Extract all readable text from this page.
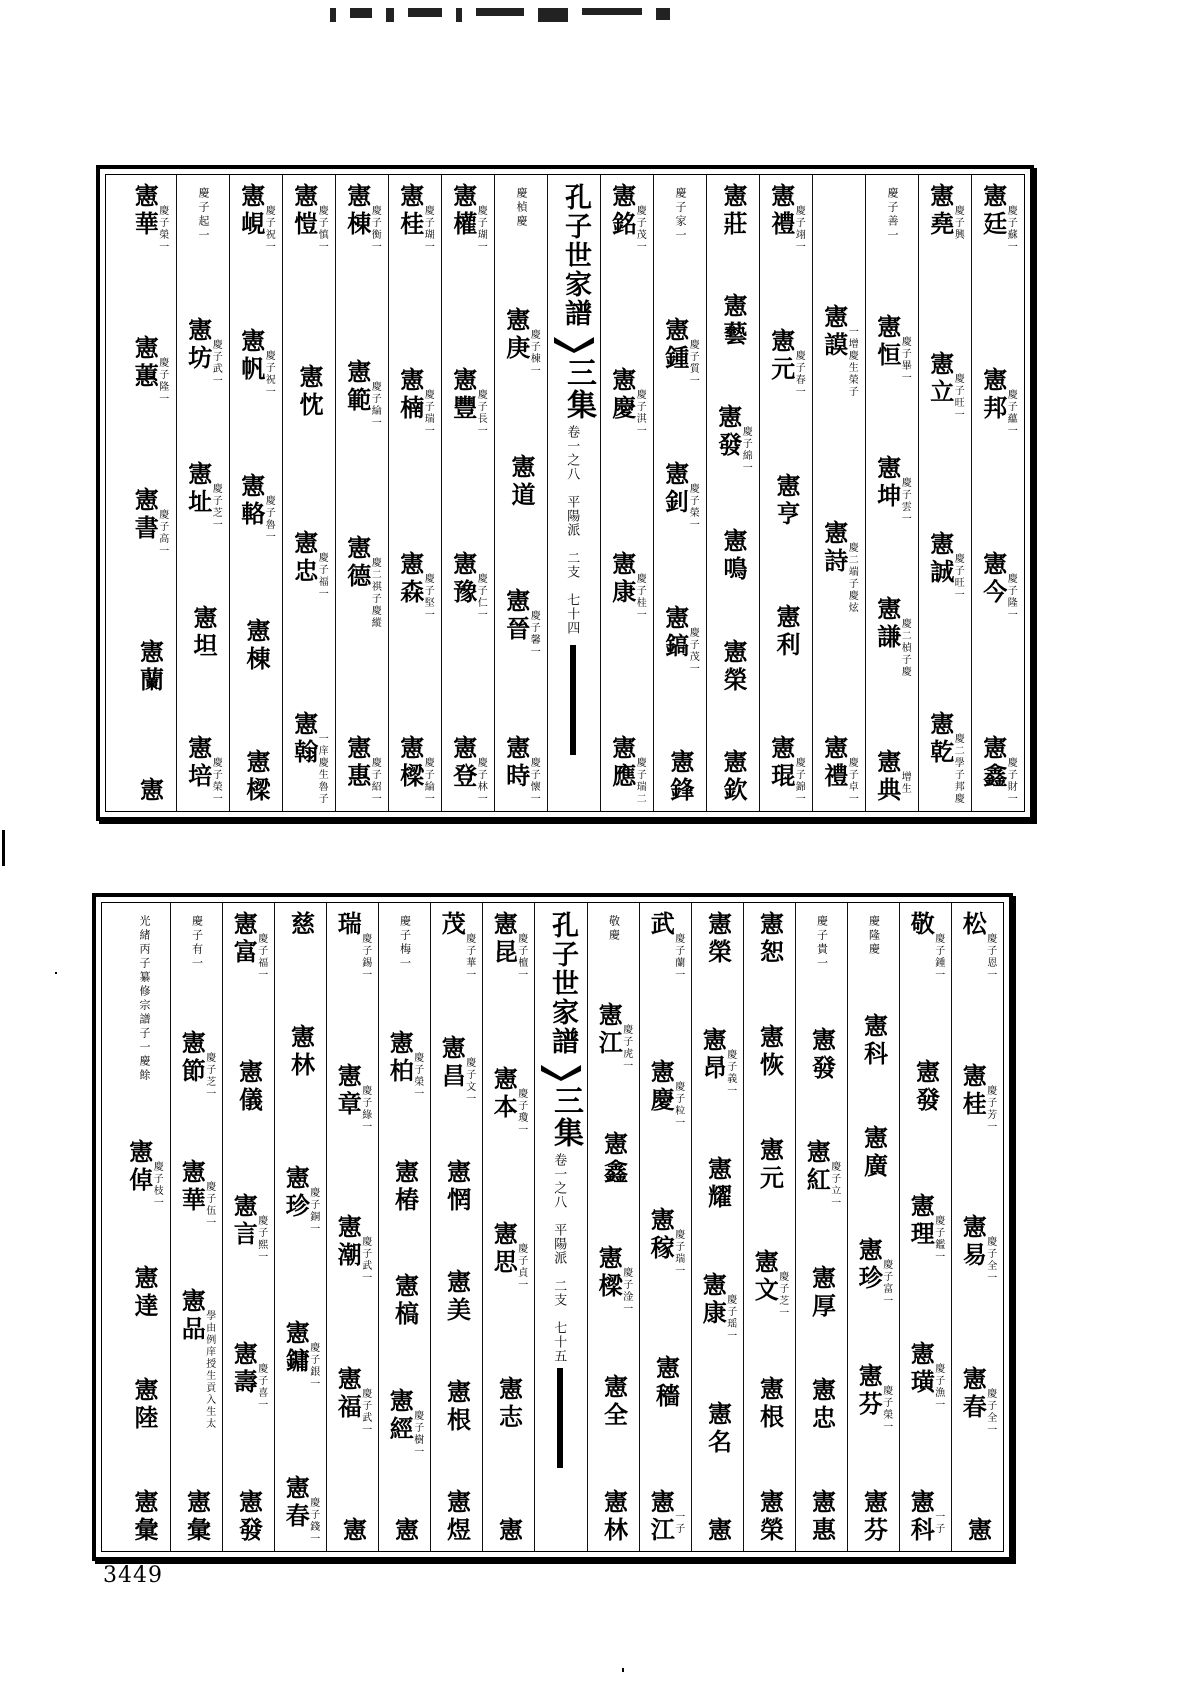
憲廷
慶子蘇一
憲邦
慶子蘊一
憲今
慶子隆一
憲鑫
慶子財一
憲堯
慶子興
憲立
慶子旺一
憲誠
慶子旺一
憲乾
慶二學子邦慶
慶子善一
憲恒
慶子畢一
憲坤
慶子雲一
憲謙
慶二楨子慶
憲典
增生
憲謨
一增慶生榮子
憲詩
慶二端子慶炫
憲禮
慶子卓一
憲禮
慶子翊一
憲元
慶子春一
憲亨
憲利
憲琨
慶子錦一
憲莊
憲藝
憲發
慶子綿一
憲鳴
憲榮
憲欽
慶子家一
憲鍾
慶子質一
憲釗
慶子榮一
憲鎬
慶子茂一
憲鋒
憲銘
慶子茂一
憲慶
慶子淇一
憲康
慶子桂一
憲應
慶子瑞二
孔子世家譜
三集
卷一之八平陽派二支七十四
慶楨慶
憲庚
慶子棟一
憲道
憲晉
慶子馨一
憲時
慶子懷一
憲權
慶子瑚一
憲豐
慶子長一
憲豫
慶子仁一
憲登
慶子林一
憲桂
慶子瑚一
憲楠
慶子瑞一
憲森
慶子堅一
憲樑
慶子綸一
憲棟
慶子衡一
憲範
慶子綸一
憲德
慶二祺子慶縱
憲惠
慶子紹一
憲愷
慶子慎一
憲忱
憲忠
慶子福一
憲翰
一庠慶生魯子
憲峴
慶子祝一
憲帆
慶子祝一
憲輅
慶子魯一
憲棟
憲樑
慶子起一
憲坊
慶子武一
憲址
慶子芝一
憲坦
憲培
慶子榮一
憲華
慶子榮一
憲蕙
慶子隆一
憲書
慶子高一
憲蘭
憲
松
慶子恩一
憲桂
慶子芳一
憲易
慶子全一
憲春
慶子全一
憲
敬
慶子鍾一
憲發
憲理
慶子鑑一
憲璜
慶子漁一
憲科
一子
慶隆慶
憲科
憲廣
憲珍
慶子富一
憲芬
慶子榮一
憲芬
慶子貴一
憲發
憲紅
慶子立一
憲厚
憲忠
憲惠
憲恕
憲恢
憲元
憲文
慶子芝一
憲根
憲榮
憲榮
憲昂
慶子義一
憲耀
憲康
慶子瑶一
憲名
憲
武
慶子蘭一
憲慶
慶子粒一
憲稼
慶子瑞一
憲穡
憲江
一子
敬慶
憲江
慶子虎一
憲鑫
憲樑
慶子淦一
憲全
憲林
孔子世家譜
三集
卷一之八平陽派二支七十五
憲昆
慶子檀一
憲本
慶子瓊一
憲思
慶子貞一
憲志
憲
茂
慶子華一
憲昌
慶子文一
憲惘
憲美
憲根
憲煜
慶子梅一
憲柏
慶子榮一
憲椿
憲槁
憲經
慶子樹一
憲
瑞
慶子錫一
憲章
慶子綠一
憲潮
慶子武一
憲福
慶子武一
憲
慈
憲林
憲珍
慶子銅一
憲鏞
慶子銀一
憲春
慶子錢一
憲富
慶子福一
憲儀
憲言
慶子熙一
憲壽
慶子喜一
憲發
慶子有一
憲節
慶子芝一
憲華
慶子伍一
憲品
學由例庠授生貢入生太
憲彙
光緒丙子纂修宗譜子一慶餘
憲倬
慶子枝一
憲達
憲陸
憲彙
3449
